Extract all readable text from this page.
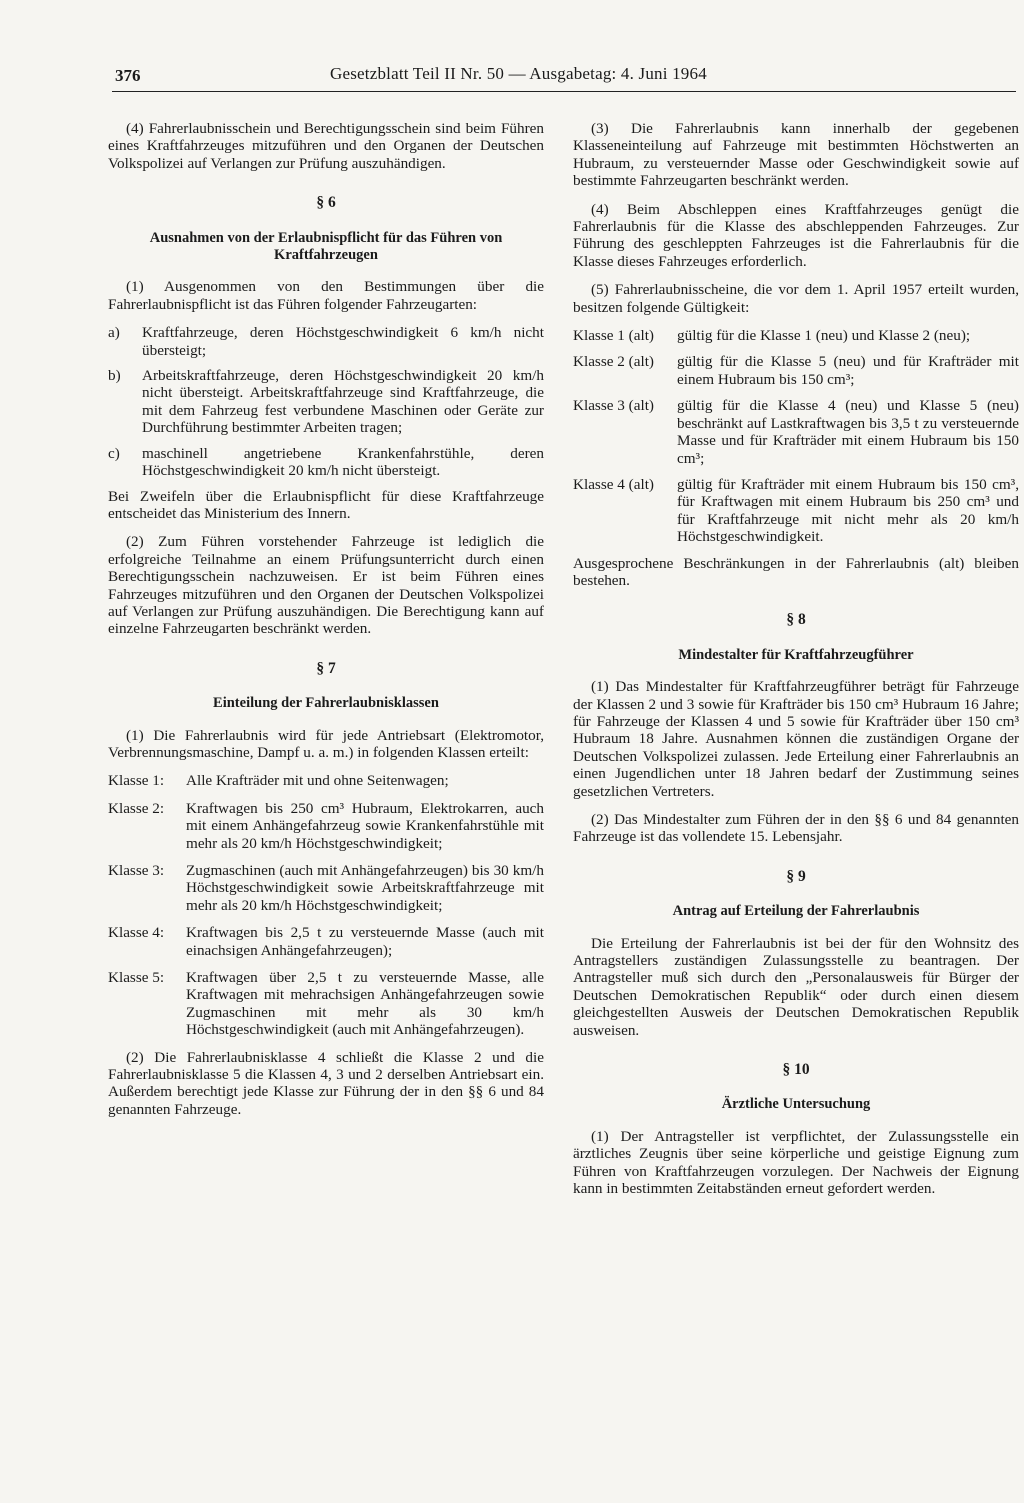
376	Gesetzblatt Teil II Nr. 50 — Ausgabetag: 4. Juni 1964

(4) Fahrerlaubnisschein und Berechtigungsschein sind beim Führen eines Kraftfahrzeuges mitzuführen und den Organen der Deutschen Volkspolizei auf Verlangen zur Prüfung auszuhändigen.

§ 6
Ausnahmen von der Erlaubnispflicht für das Führen von Kraftfahrzeugen

(1) Ausgenommen von den Bestimmungen über die Fahrerlaubnispflicht ist das Führen folgender Fahrzeugarten:

a)	Kraftfahrzeuge, deren Höchstgeschwindigkeit 6 km/h nicht übersteigt;
b)	Arbeitskraftfahrzeuge, deren Höchstgeschwindigkeit 20 km/h nicht übersteigt. Arbeitskraftfahrzeuge sind Kraftfahrzeuge, die mit dem Fahrzeug fest verbundene Maschinen oder Geräte zur Durchführung bestimmter Arbeiten tragen;
c)	maschinell angetriebene Krankenfahrstühle, deren Höchstgeschwindigkeit 20 km/h nicht übersteigt.

Bei Zweifeln über die Erlaubnispflicht für diese Kraftfahrzeuge entscheidet das Ministerium des Innern.

(2) Zum Führen vorstehender Fahrzeuge ist lediglich die erfolgreiche Teilnahme an einem Prüfungsunterricht durch einen Berechtigungsschein nachzuweisen. Er ist beim Führen eines Fahrzeuges mitzuführen und den Organen der Deutschen Volkspolizei auf Verlangen zur Prüfung auszuhändigen. Die Berechtigung kann auf einzelne Fahrzeugarten beschränkt werden.

§ 7
Einteilung der Fahrerlaubnisklassen

(1) Die Fahrerlaubnis wird für jede Antriebsart (Elektromotor, Verbrennungsmaschine, Dampf u. a. m.) in folgenden Klassen erteilt:

Klasse 1:	Alle Krafträder mit und ohne Seitenwagen;
Klasse 2:	Kraftwagen bis 250 cm³ Hubraum, Elektrokarren, auch mit einem Anhängefahrzeug sowie Krankenfahrstühle mit mehr als 20 km/h Höchstgeschwindigkeit;
Klasse 3:	Zugmaschinen (auch mit Anhängefahrzeugen) bis 30 km/h Höchstgeschwindigkeit sowie Arbeitskraftfahrzeuge mit mehr als 20 km/h Höchstgeschwindigkeit;
Klasse 4:	Kraftwagen bis 2,5 t zu versteuernde Masse (auch mit einachsigen Anhängefahrzeugen);
Klasse 5:	Kraftwagen über 2,5 t zu versteuernde Masse, alle Kraftwagen mit mehrachsigen Anhängefahrzeugen sowie Zugmaschinen mit mehr als 30 km/h Höchstgeschwindigkeit (auch mit Anhängefahrzeugen).

(2) Die Fahrerlaubnisklasse 4 schließt die Klasse 2 und die Fahrerlaubnisklasse 5 die Klassen 4, 3 und 2 derselben Antriebsart ein. Außerdem berechtigt jede Klasse zur Führung der in den §§ 6 und 84 genannten Fahrzeuge.

(3) Die Fahrerlaubnis kann innerhalb der gegebenen Klasseneinteilung auf Fahrzeuge mit bestimmten Höchstwerten an Hubraum, zu versteuernder Masse oder Geschwindigkeit sowie auf bestimmte Fahrzeugarten beschränkt werden.

(4) Beim Abschleppen eines Kraftfahrzeuges genügt die Fahrerlaubnis für die Klasse des abschleppenden Fahrzeuges. Zur Führung des geschleppten Fahrzeuges ist die Fahrerlaubnis für die Klasse dieses Fahrzeuges erforderlich.

(5) Fahrerlaubnisscheine, die vor dem 1. April 1957 erteilt wurden, besitzen folgende Gültigkeit:

Klasse 1 (alt)	gültig für die Klasse 1 (neu) und Klasse 2 (neu);
Klasse 2 (alt)	gültig für die Klasse 5 (neu) und für Krafträder mit einem Hubraum bis 150 cm³;
Klasse 3 (alt)	gültig für die Klasse 4 (neu) und Klasse 5 (neu) beschränkt auf Lastkraftwagen bis 3,5 t zu versteuernde Masse und für Krafträder mit einem Hubraum bis 150 cm³;
Klasse 4 (alt)	gültig für Krafträder mit einem Hubraum bis 150 cm³, für Kraftwagen mit einem Hubraum bis 250 cm³ und für Kraftfahrzeuge mit nicht mehr als 20 km/h Höchstgeschwindigkeit.

Ausgesprochene Beschränkungen in der Fahrerlaubnis (alt) bleiben bestehen.

§ 8
Mindestalter für Kraftfahrzeugführer

(1) Das Mindestalter für Kraftfahrzeugführer beträgt für Fahrzeuge der Klassen 2 und 3 sowie für Krafträder bis 150 cm³ Hubraum 16 Jahre; für Fahrzeuge der Klassen 4 und 5 sowie für Krafträder über 150 cm³ Hubraum 18 Jahre. Ausnahmen können die zuständigen Organe der Deutschen Volkspolizei zulassen. Jede Erteilung einer Fahrerlaubnis an einen Jugendlichen unter 18 Jahren bedarf der Zustimmung seines gesetzlichen Vertreters.

(2) Das Mindestalter zum Führen der in den §§ 6 und 84 genannten Fahrzeuge ist das vollendete 15. Lebensjahr.

§ 9
Antrag auf Erteilung der Fahrerlaubnis

Die Erteilung der Fahrerlaubnis ist bei der für den Wohnsitz des Antragstellers zuständigen Zulassungsstelle zu beantragen. Der Antragsteller muß sich durch den „Personalausweis für Bürger der Deutschen Demokratischen Republik“ oder durch einen diesem gleichgestellten Ausweis der Deutschen Demokratischen Republik ausweisen.

§ 10
Ärztliche Untersuchung

(1) Der Antragsteller ist verpflichtet, der Zulassungsstelle ein ärztliches Zeugnis über seine körperliche und geistige Eignung zum Führen von Kraftfahrzeugen vorzulegen. Der Nachweis der Eignung kann in bestimmten Zeitabständen erneut gefordert werden.
